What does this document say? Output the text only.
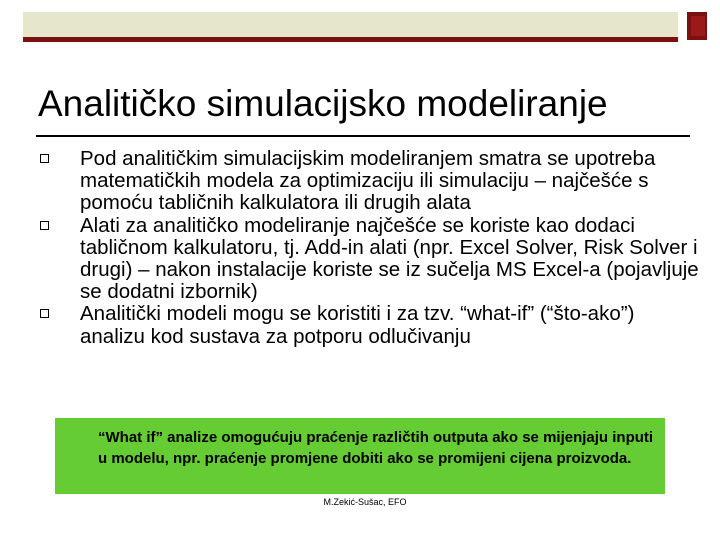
Analitičko simulacijsko modeliranje
Pod analitičkim simulacijskim modeliranjem smatra se upotreba matematičkih modela za optimizaciju ili simulaciju – najčešće s pomoću tabličnih kalkulatora ili drugih alata
Alati za analitičko modeliranje najčešće se koriste kao dodaci tabličnom kalkulatoru, tj. Add-in alati (npr. Excel Solver, Risk Solver i drugi) – nakon instalacije koriste se iz sučelja MS Excel-a (pojavljuje se dodatni izbornik)
Analitički modeli mogu se koristiti i za tzv. “what-if” (“što-ako”) analizu kod sustava za potporu odlučivanju
“What if” analize omogućuju praćenje različtih outputa ako se mijenjaju inputi u modelu, npr. praćenje promjene dobiti ako se promijeni cijena proizvoda.
M.Zekić-Sušac, EFO
